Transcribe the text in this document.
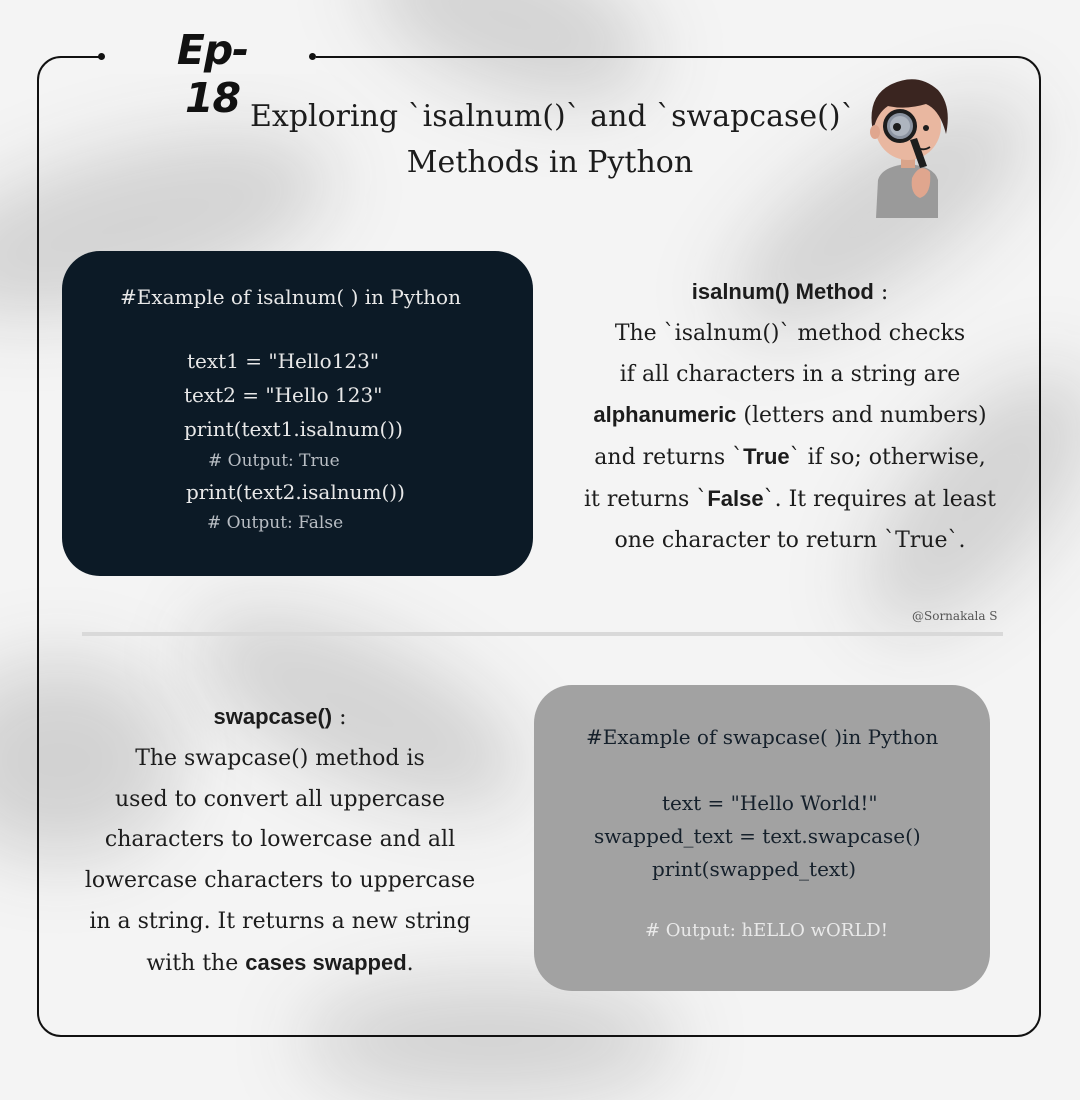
Ep-18 Exploring `isalnum()` and `swapcase()`
Methods in Python
#Example of isalnum( ) in Python
text1 = "Hello123"
text2 = "Hello 123"
print(text1.isalnum())
# Output: True
print(text2.isalnum())
# Output: False
isalnum() Method :
The `isalnum()` method checks
if all characters in a string are
alphanumeric (letters and numbers)
and returns `True` if so; otherwise,
it returns `False`. It requires at least
one character to return `True`.
@Sornakala S
swapcase() :
The swapcase() method is
used to convert all uppercase
characters to lowercase and all
lowercase characters to uppercase
in a string. It returns a new string
with the cases swapped.
#Example of swapcase( )in Python
text = "Hello World!"
swapped_text = text.swapcase()
print(swapped_text)
# Output: hELLO wORLD!
